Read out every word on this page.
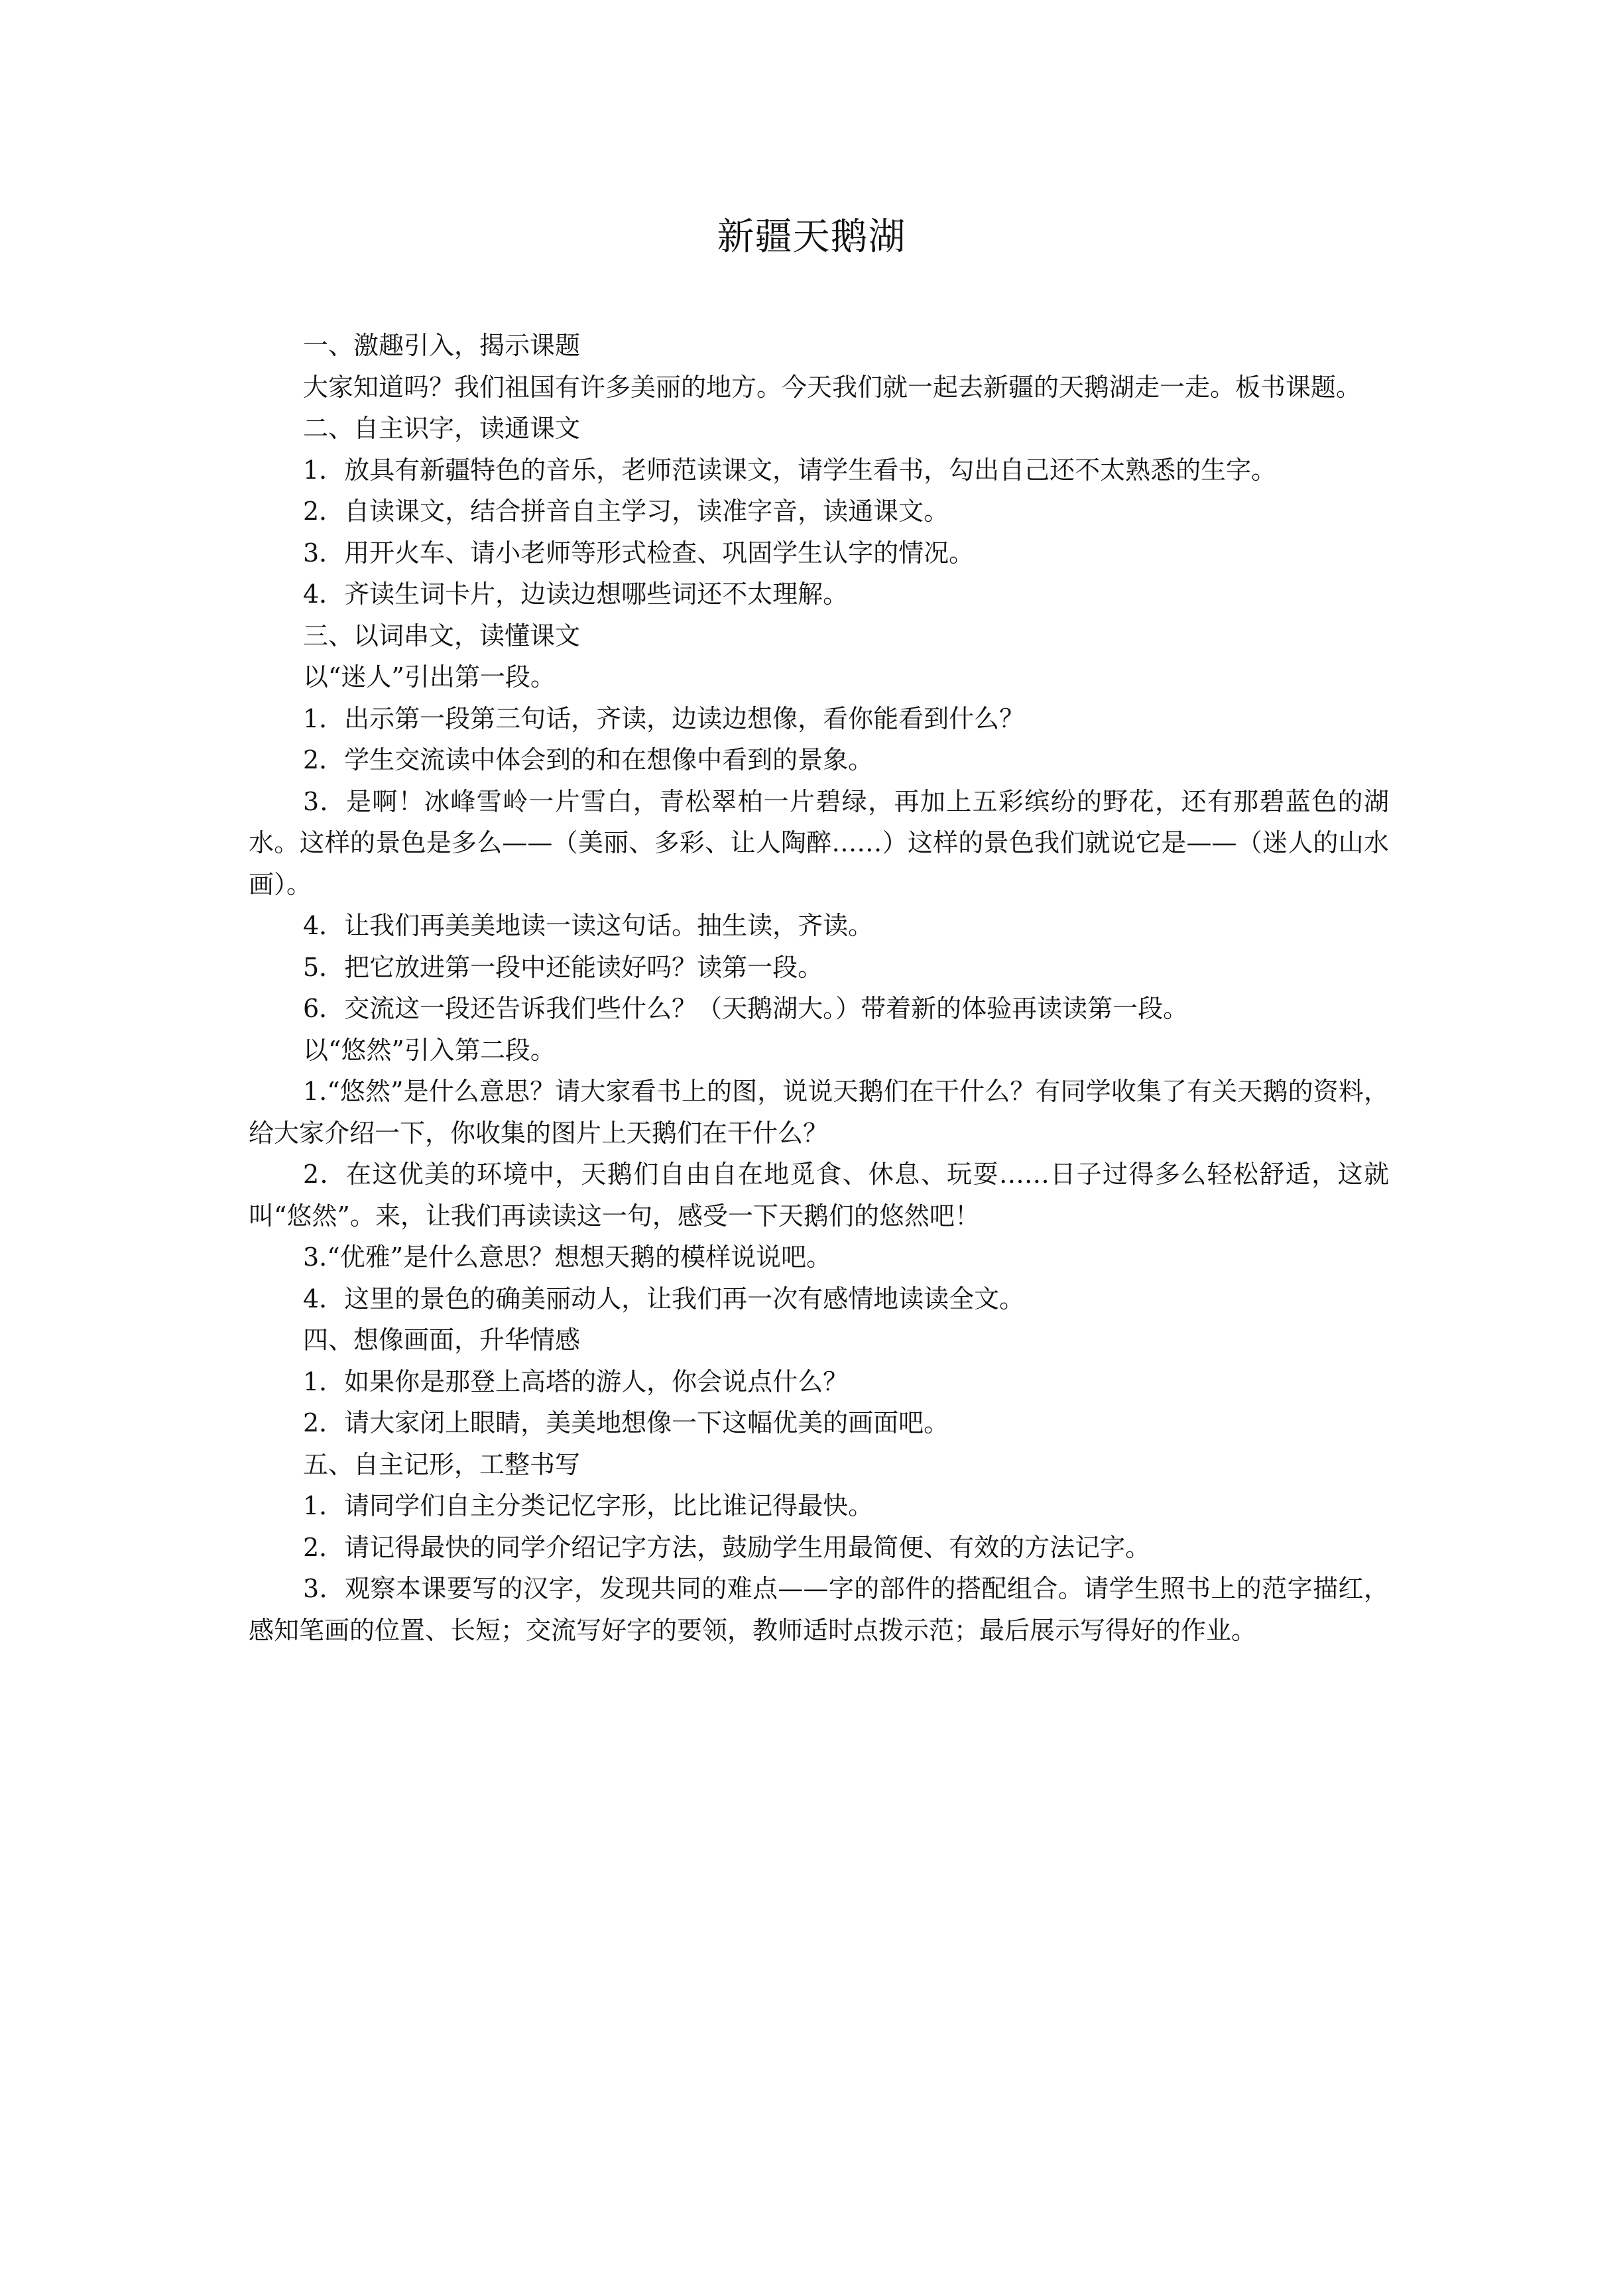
新疆天鹅湖

一、激趣引入，揭示课题

大家知道吗？我们祖国有许多美丽的地方。今天我们就一起去新疆的天鹅湖走一走。板书课题。

二、自主识字，读通课文

1．放具有新疆特色的音乐，老师范读课文，请学生看书，勾出自己还不太熟悉的生字。

2．自读课文，结合拼音自主学习，读准字音，读通课文。

3．用开火车、请小老师等形式检查、巩固学生认字的情况。

4．齐读生词卡片，边读边想哪些词还不太理解。

三、以词串文，读懂课文

以“迷人”引出第一段。

1．出示第一段第三句话，齐读，边读边想像，看你能看到什么？

2．学生交流读中体会到的和在想像中看到的景象。

3．是啊！冰峰雪岭一片雪白，青松翠柏一片碧绿，再加上五彩缤纷的野花，还有那碧蓝色的湖水。这样的景色是多么——（美丽、多彩、让人陶醉……）这样的景色我们就说它是——（迷人的山水画）。

4．让我们再美美地读一读这句话。抽生读，齐读。

5．把它放进第一段中还能读好吗？读第一段。

6．交流这一段还告诉我们些什么？（天鹅湖大。）带着新的体验再读读第一段。

以“悠然”引入第二段。

1.“悠然”是什么意思？请大家看书上的图，说说天鹅们在干什么？有同学收集了有关天鹅的资料，给大家介绍一下，你收集的图片上天鹅们在干什么？

2．在这优美的环境中，天鹅们自由自在地觅食、休息、玩耍……日子过得多么轻松舒适，这就叫“悠然”。来，让我们再读读这一句，感受一下天鹅们的悠然吧！

3.“优雅”是什么意思？想想天鹅的模样说说吧。

4．这里的景色的确美丽动人，让我们再一次有感情地读读全文。

四、想像画面，升华情感

1．如果你是那登上高塔的游人，你会说点什么？

2．请大家闭上眼睛，美美地想像一下这幅优美的画面吧。

五、自主记形，工整书写

1．请同学们自主分类记忆字形，比比谁记得最快。

2．请记得最快的同学介绍记字方法，鼓励学生用最简便、有效的方法记字。

3．观察本课要写的汉字，发现共同的难点——字的部件的搭配组合。请学生照书上的范字描红，感知笔画的位置、长短；交流写好字的要领，教师适时点拨示范；最后展示写得好的作业。
